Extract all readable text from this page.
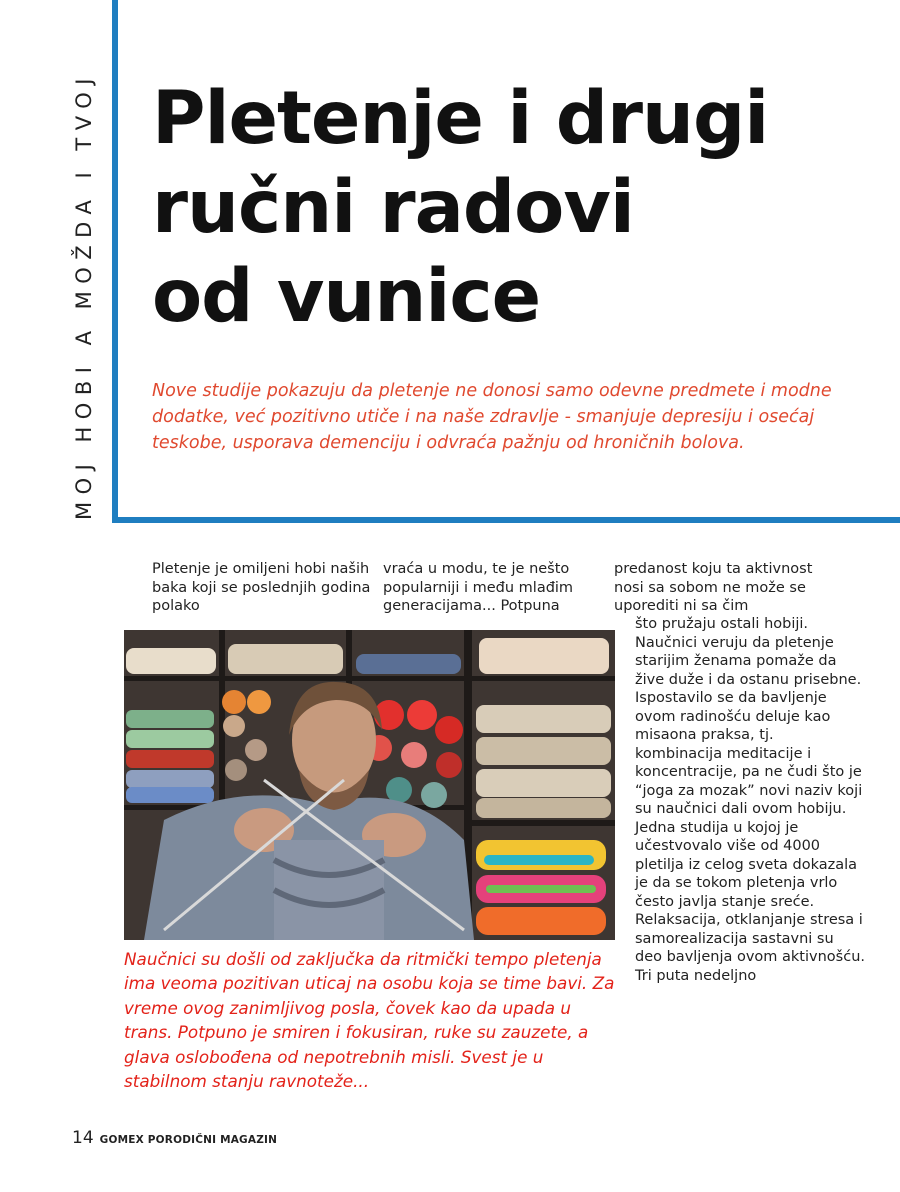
MOJ HOBI A MOŽDA I TVOJ Pletenje i drugi
ručni radovi
od vunice

Nove studije pokazuju da pletenje ne donosi samo odevne predmete i modne dodatke, već pozitivno utiče i na naše zdravlje - smanjuje depresiju i osećaj teskobe, usporava demenciju i odvraća pažnju od hroničnih bolova.

Pletenje je omiljeni hobi naših baka koji se poslednjih godina polako

vraća u modu, te je nešto popularniji i među mlađim generacijama... Potpuna

predanost koju ta aktivnost nosi sa sobom ne može se uporediti ni sa čim

što pružaju ostali hobiji. Naučnici veruju da pletenje starijim ženama pomaže da žive duže i da ostanu prisebne. Ispostavilo se da bavljenje ovom radinošću deluje kao misaona praksa, tj. kombinacija meditacije i koncentracije, pa ne čudi što je “joga za mozak” novi naziv koji su naučnici dali ovom hobiju.

Jedna studija u kojoj je učestvovalo više od 4000 pletilja iz celog sveta dokazala je da se tokom pletenja vrlo često javlja stanje sreće. Relaksacija, otklanjanje stresa i samorealizacija sastavni su deo bavljenja ovom aktivnošću.

Tri puta nedeljno

Naučnici su došli od zaključka da ritmički tempo pletenja ima veoma pozitivan uticaj na osobu koja se time bavi. Za vreme ovog zanimljivog posla, čovek kao da upada u trans. Potpuno je smiren i fokusiran, ruke su zauzete, a glava oslobođena od nepotrebnih misli. Svest je u stabilnom stanju ravnoteže...

14 GOMEX PORODIČNI MAGAZIN
